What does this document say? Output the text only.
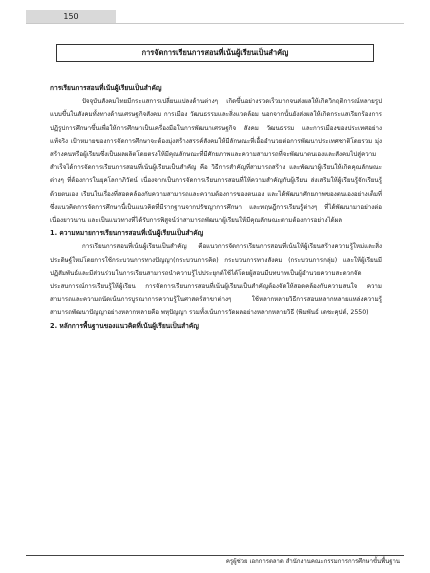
150
การจัดการเรียนการสอนที่เน้นผู้เรียนเป็นสำคัญ

การเรียนการสอนที่เน้นผู้เรียนเป็นสำคัญ

ปัจจุบันสังคมไทยมีกระแสการเปลี่ยนแปลงด้านต่างๆ เกิดขึ้นอย่างรวดเร็วมากจนส่งผลให้เกิดวิกฤติการณ์หลายรูปแบบขึ้นในสังคมทั้งทางด้านเศรษฐกิจสังคม การเมือง วัฒนธรรมและสิ่งแวดล้อม นอกจากนั้นยังส่งผลให้เกิดกระแสเรียกร้องการปฏิรูปการศึกษาขึ้นเพื่อให้การศึกษาเป็นเครื่องมือในการพัฒนาเศรษฐกิจ สังคม วัฒนธรรม และการเมืองของประเทศอย่างแท้จริง เป้าหมายของการจัดการศึกษาจะต้องมุ่งสร้างสรรค์สังคมให้มีลักษณะที่เอื้ออำนวยต่อการพัฒนาประเทศชาติโดยรวม มุ่งสร้างคนหรือผู้เรียนซึ่งเป็นผลผลิตโดยตรงให้มีคุณลักษณะที่มีศักยภาพและความสามารถที่จะพัฒนาตนเองและสังคมไปสู่ความสำเร็จได้การจัดการเรียนการสอนที่เน้นผู้เรียนเป็นสำคัญ คือ วิธีการสำคัญที่สามารถสร้าง และพัฒนาผู้เรียนให้เกิดคุณลักษณะต่างๆ ที่ต้องการในยุคโลกาภิวัตน์ เนื่องจากเป็นการจัดการเรียนการสอนที่ให้ความสำคัญกับผู้เรียน ส่งเสริมให้ผู้เรียนรู้จักเรียนรู้ด้วยตนเอง เรียนในเรื่องที่สอดคล้องกับความสามารถและความต้องการของตนเอง และได้พัฒนาศักยภาพของตนเองอย่างเต็มที่ ซึ่งแนวคิดการจัดการศึกษานี้เป็นแนวคิดที่มีรากฐานจากปรัชญาการศึกษา และทฤษฎีการเรียนรู้ต่างๆ ที่ได้พัฒนามาอย่างต่อเนื่องยาวนาน และเป็นแนวทางที่ได้รับการพิสูจน์ว่าสามารถพัฒนาผู้เรียนให้มีคุณลักษณะตามต้องการอย่างได้ผล

1. ความหมายการเรียนการสอนที่เน้นผู้เรียนเป็นสำคัญ

การเรียนการสอนที่เน้นผู้เรียนเป็นสำคัญ คือแนวการจัดการเรียนการสอนที่เน้นให้ผู้เรียนสร้างความรู้ใหม่และสิ่งประดิษฐ์ใหม่โดยการใช้กระบวนการทางปัญญา(กระบวนการคิด) กระบวนการทางสังคม (กระบวนการกลุ่ม) และให้ผู้เรียนมีปฏิสัมพันธ์และมีส่วนร่วมในการเรียนสามารถนำความรู้ไปประยุกต์ใช้ได้โดยผู้สอนมีบทบาทเป็นผู้อำนวยความสะดวกจัดประสบการณ์การเรียนรู้ให้ผู้เรียน การจัดการเรียนการสอนที่เน้นผู้เรียนเป็นสำคัญต้องจัดให้สอดคล้องกับความสนใจ ความสามารถและความถนัดเน้นการบูรณาการความรู้ในศาสตร์สาขาต่างๆ ใช้หลากหลายวิธีการสอนหลากหลายแหล่งความรู้สามารถพัฒนาปัญญาอย่างหลากหลายคือ พหุปัญญา รวมทั้งเน้นการวัดผลอย่างหลากหลายวิธี (พิมพันธ์ เดชะคุปต์, 2550)

2. หลักการพื้นฐานของแนวคิดที่เน้นผู้เรียนเป็นสำคัญ

ครูผู้ช่วย เอกการตลาด สำนักงานคณะกรรมการการศึกษาขั้นพื้นฐาน
